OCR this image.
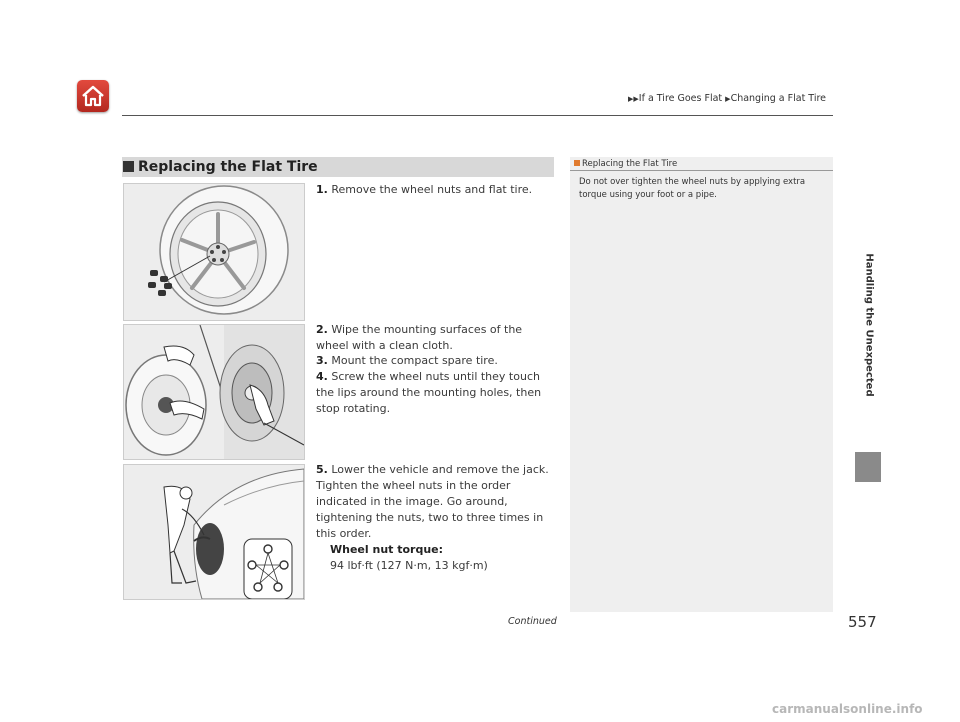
▶▶If a Tire Goes Flat ▶Changing a Flat Tire
Handling the Unexpected
Replacing the Flat Tire
1. Remove the wheel nuts and flat tire.
2. Wipe the mounting surfaces of the wheel with a clean cloth.
3. Mount the compact spare tire.
4. Screw the wheel nuts until they touch the lips around the mounting holes, then stop rotating.
5. Lower the vehicle and remove the jack. Tighten the wheel nuts in the order indicated in the image. Go around, tightening the nuts, two to three times in this order.
Wheel nut torque:
94 lbf·ft (127 N·m, 13 kgf·m)
Replacing the Flat Tire
Do not over tighten the wheel nuts by applying extra torque using your foot or a pipe.
Continued	557
carmanualsonline.info
